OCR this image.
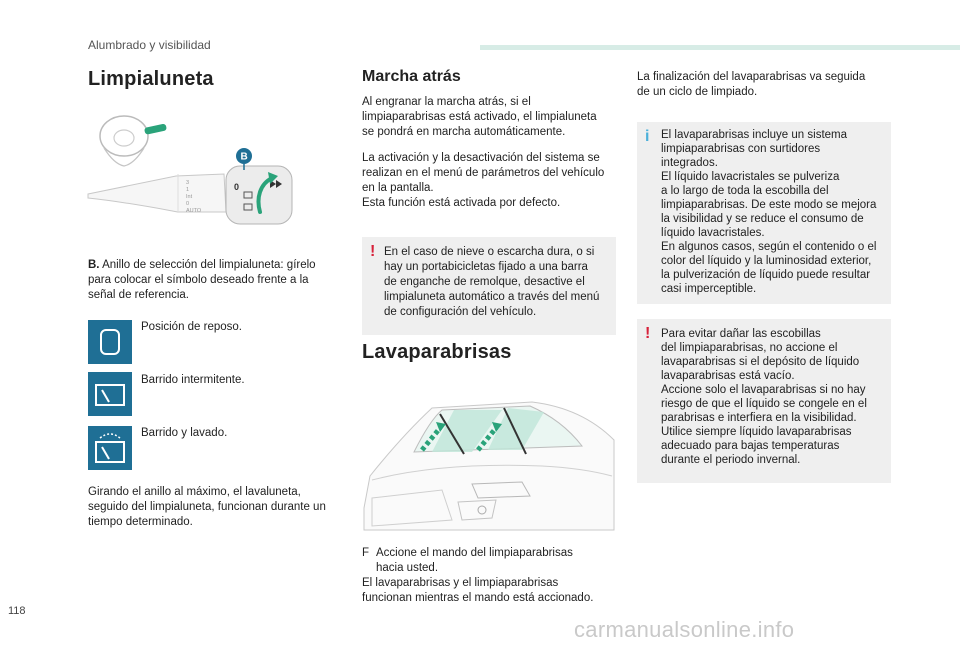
Alumbrado y visibilidad
Limpialuneta
3
1
Int
0
AUTO
0
B
B. Anillo de selección del limpialuneta: gírelo
para colocar el símbolo deseado frente a la
señal de referencia.
Posición de reposo.
Barrido intermitente.
Barrido y lavado.
Girando el anillo al máximo, el lavaluneta,
seguido del limpialuneta, funcionan durante un
tiempo determinado.
Marcha atrás
Al engranar la marcha atrás, si el
limpiaparabrisas está activado, el limpialuneta
se pondrá en marcha automáticamente.
La activación y la desactivación del sistema se
realizan en el menú de parámetros del vehículo
en la pantalla.
Esta función está activada por defecto.
! En el caso de nieve o escarcha dura, o si
hay un portabicicletas fijado a una barra
de enganche de remolque, desactive el
limpialuneta automático a través del menú
de configuración del vehículo.
Lavaparabrisas
F Accione el mando del limpiaparabrisas
hacia usted.
El lavaparabrisas y el limpiaparabrisas
funcionan mientras el mando está accionado.
La finalización del lavaparabrisas va seguida
de un ciclo de limpiado.
i El lavaparabrisas incluye un sistema
limpiaparabrisas con surtidores
integrados.
El líquido lavacristales se pulveriza
a lo largo de toda la escobilla del
limpiaparabrisas. De este modo se mejora
la visibilidad y se reduce el consumo de
líquido lavacristales.
En algunos casos, según el contenido o el
color del líquido y la luminosidad exterior,
la pulverización de líquido puede resultar
casi imperceptible.
! Para evitar dañar las escobillas
del limpiaparabrisas, no accione el
lavaparabrisas si el depósito de líquido
lavaparabrisas está vacío.
Accione solo el lavaparabrisas si no hay
riesgo de que el líquido se congele en el
parabrisas e interfiera en la visibilidad.
Utilice siempre líquido lavaparabrisas
adecuado para bajas temperaturas
durante el periodo invernal.
118
carmanualsonline.info
